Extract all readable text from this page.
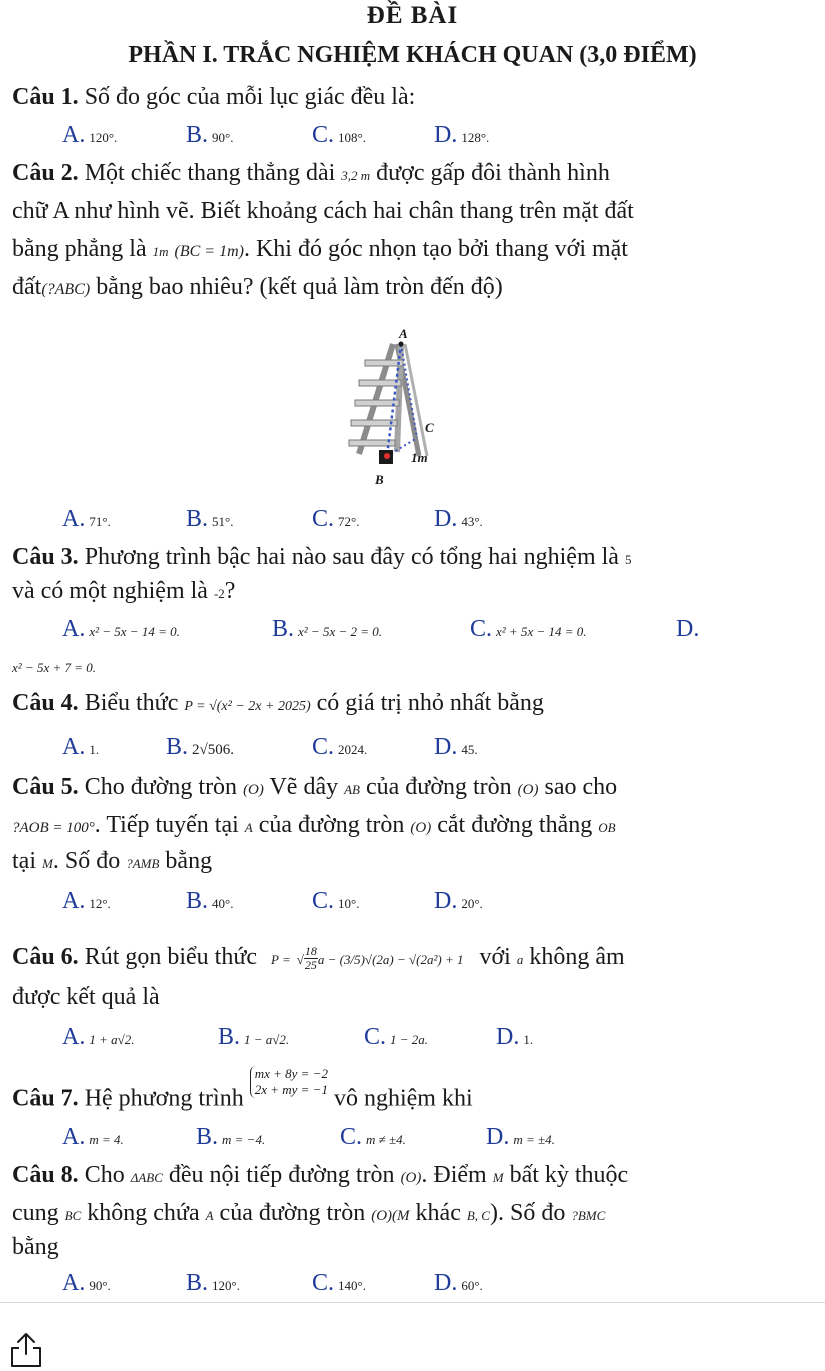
ĐỀ BÀI
PHẦN I. TRẮC NGHIỆM KHÁCH QUAN (3,0 ĐIỂM)
Câu 1. Số đo góc của mỗi lục giác đều là:
A. 120°.	B. 90°.	C. 108°.	D. 128°.
Câu 2. Một chiếc thang thẳng dài 3,2 m được gấp đôi thành hình
chữ A như hình vẽ. Biết khoảng cách hai chân thang trên mặt đất
bằng phẳng là 1m (BC = 1m). Khi đó góc nhọn tạo bởi thang với mặt
đất(?ABC) bằng bao nhiêu? (kết quả làm tròn đến độ)
A
C
1m
B
A. 71°.	B. 51°.	C. 72°.	D. 43°.
Câu 3. Phương trình bậc hai nào sau đây có tổng hai nghiệm là 5
và có một nghiệm là -2?
A. x² − 5x − 14 = 0.	B. x² − 5x − 2 = 0.	C. x² + 5x − 14 = 0.	D.
x² − 5x + 7 = 0.
Câu 4. Biểu thức P = √(x² − 2x + 2025) có giá trị nhỏ nhất bằng
A. 1.	B. 2√506.	C. 2024.	D. 45.
Câu 5. Cho đường tròn (O) Vẽ dây AB của đường tròn (O) sao cho
?AOB = 100°. Tiếp tuyến tại A của đường tròn (O) cắt đường thẳng OB
tại M. Số đo ?AMB bằng
A. 12°.	B. 40°.	C. 10°.	D. 20°.
Câu 6. Rút gọn biểu thức P = √ $\frac{18}{25}a - (3/5)√(2a) - √(2a^2) + 1$ với a không âm
được kết quả là
A. 1 + a√2.	B. 1 − a√2.	C. 1 − 2a.	D. 1.
Câu 7. Hệ phương trình
mx + 8y = −2
2x + my = −1 vô nghiệm khi
A. m = 4.	B. m = −4.	C. m ≠ ±4.	D. m = ±4.
Câu 8. Cho ΔABC đều nội tiếp đường tròn (O). Điểm M bất kỳ thuộc
cung BC không chứa A của đường tròn (O)(M khác B, C). Số đo ?BMC
bằng
A. 90°.	B. 120°.	C. 140°.	D. 60°.
